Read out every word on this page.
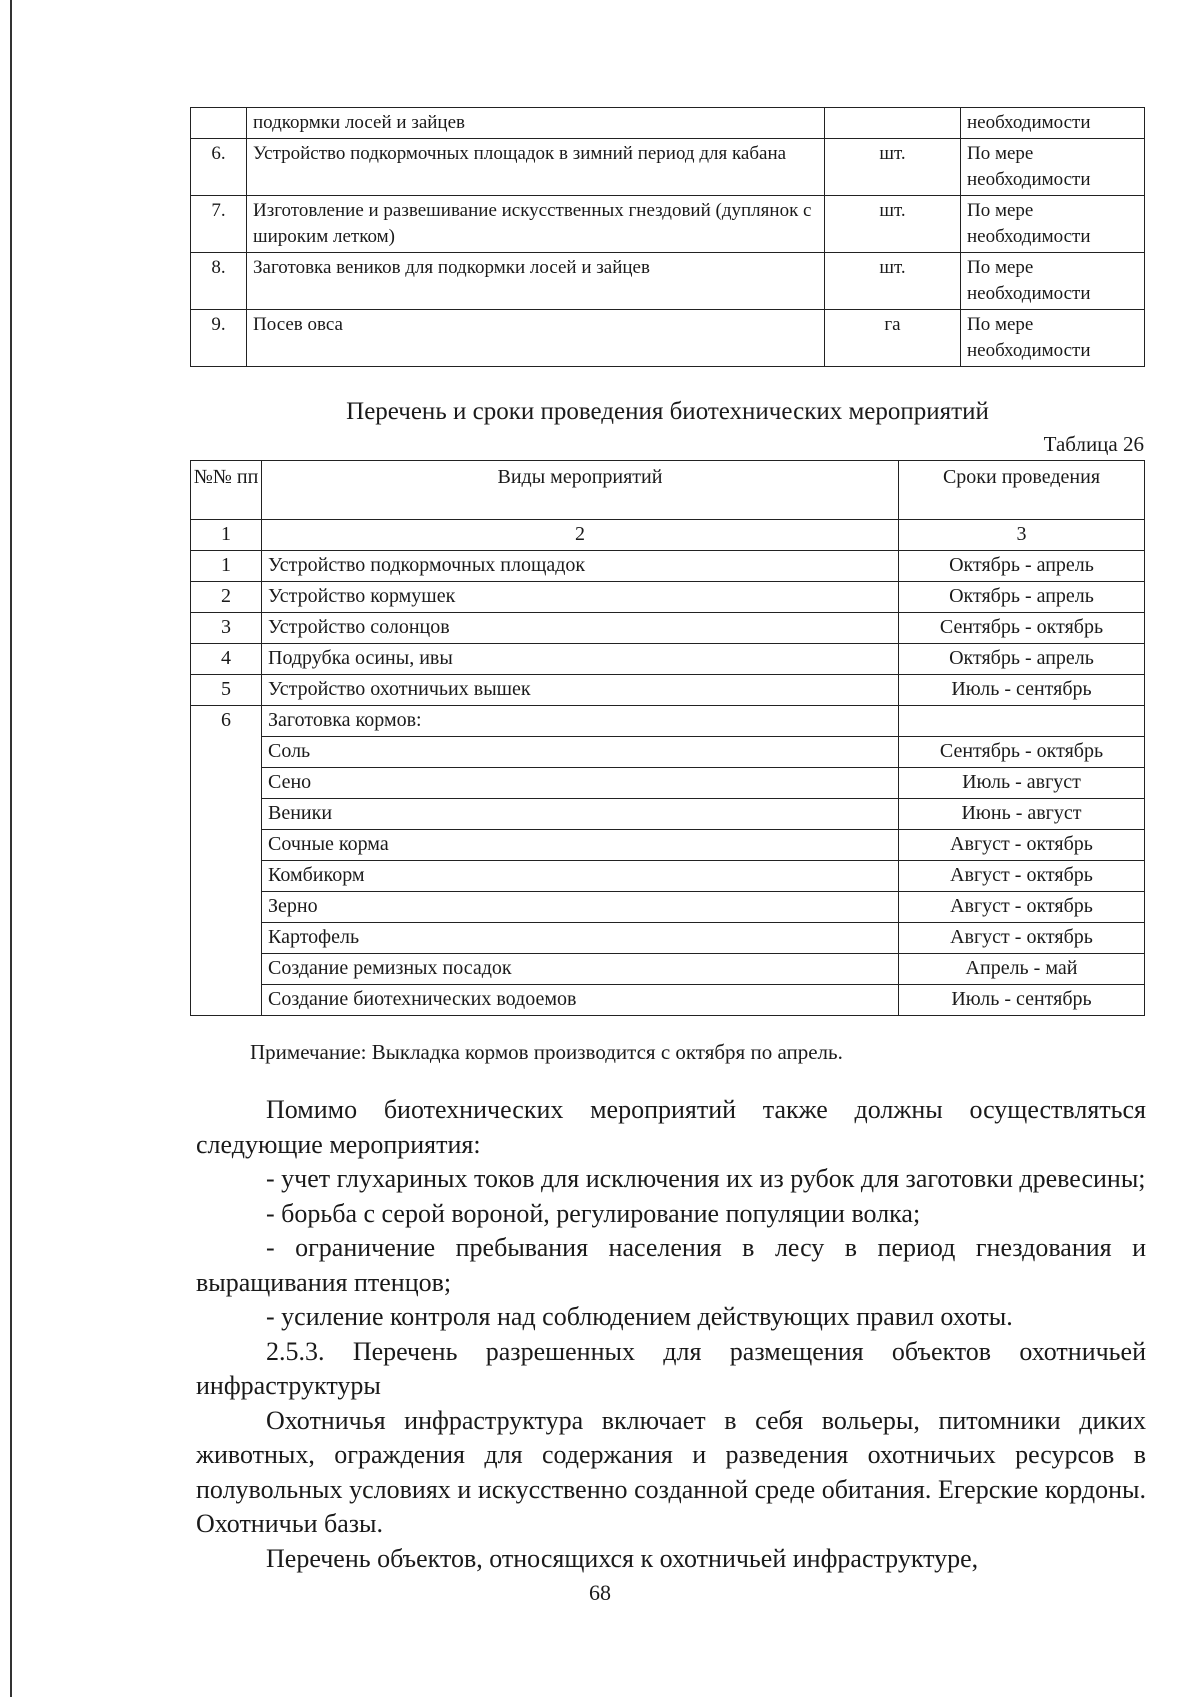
	подкормки лосей и зайцев		необходимости
6.	Устройство подкормочных площадок в зимний период для кабана	шт.	По мере необходимости
7.	Изготовление и развешивание искусственных гнездовий (дуплянок с широким летком)	шт.	По мере необходимости
8.	Заготовка веников для подкормки лосей и зайцев	шт.	По мере необходимости
9.	Посев овса	га	По мере необходимости
Перечень и сроки проведения биотехнических мероприятий
Таблица 26
№№ пп	Виды мероприятий	Сроки проведения
1	2	3
1	Устройство подкормочных площадок	Октябрь - апрель
2	Устройство кормушек	Октябрь - апрель
3	Устройство солонцов	Сентябрь - октябрь
4	Подрубка осины, ивы	Октябрь - апрель
5	Устройство охотничьих вышек	Июль - сентябрь
6	Заготовка кормов:	
	Соль	Сентябрь - октябрь
	Сено	Июль - август
	Веники	Июнь - август
	Сочные корма	Август - октябрь
	Комбикорм	Август - октябрь
	Зерно	Август - октябрь
	Картофель	Август - октябрь
	Создание ремизных посадок	Апрель - май
	Создание биотехнических водоемов	Июль - сентябрь
Примечание: Выкладка кормов производится с октября по апрель.

Помимо биотехнических мероприятий также должны осуществляться следующие мероприятия:

- учет глухариных токов для исключения их из рубок для заготовки древесины;

- борьба с серой вороной, регулирование популяции волка;

- ограничение пребывания населения в лесу в период гнездования и выращивания птенцов;

- усиление контроля над соблюдением действующих правил охоты.

2.5.3. Перечень разрешенных для размещения объектов охотничьей инфраструктуры

Охотничья инфраструктура включает в себя вольеры, питомники диких животных, ограждения для содержания и разведения охотничьих ресурсов в полувольных условиях и искусственно созданной среде обитания. Егерские кордоны. Охотничьи базы.

Перечень объектов, относящихся к охотничьей инфраструктуре,

68
